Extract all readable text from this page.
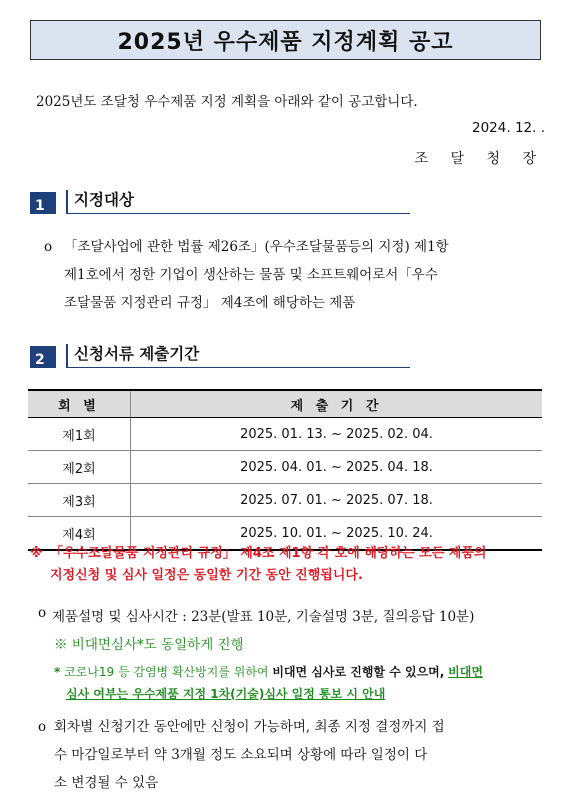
2025년 우수제품 지정계획 공고
2025년도 조달청 우수제품 지정 계획을 아래와 같이 공고합니다.
2024. 12. .
조 달 청 장
1	지정대상
o 「조달사업에 관한 법률 제26조」(우수조달물품등의 지정) 제1항
제1호에서 정한 기업이 생산하는 물품 및 소프트웨어로서「우수
조달물품 지정관리 규정」 제4조에 해당하는 제품
2	신청서류 제출기간
회 별	제 출 기 간
제1회	2025. 01. 13. ~ 2025. 02. 04.
제2회	2025. 04. 01. ~ 2025. 04. 18.
제3회	2025. 07. 01. ~ 2025. 07. 18.
제4회	2025. 10. 01. ~ 2025. 10. 24.
※ 「우수조달물품 지정관리 규정」 제4조 제1항 각 호에 해당하는 모든 제품의
지정신청 및 심사 일정은 동일한 기간 동안 진행됩니다.
o 제품설명 및 심사시간 : 23분(발표 10분, 기술설명 3분, 질의응답 10분)
※ 비대면심사*도 동일하게 진행
* 코로나19 등 감염병 확산방지를 위하여 비대면 심사로 진행할 수 있으며, 비대면
심사 여부는 우수제품 지정 1차(기술)심사 일정 통보 시 안내
o 회차별 신청기간 동안에만 신청이 가능하며, 최종 지정 결정까지 접
수 마감일로부터 약 3개월 정도 소요되며 상황에 따라 일정이 다
소 변경될 수 있음
